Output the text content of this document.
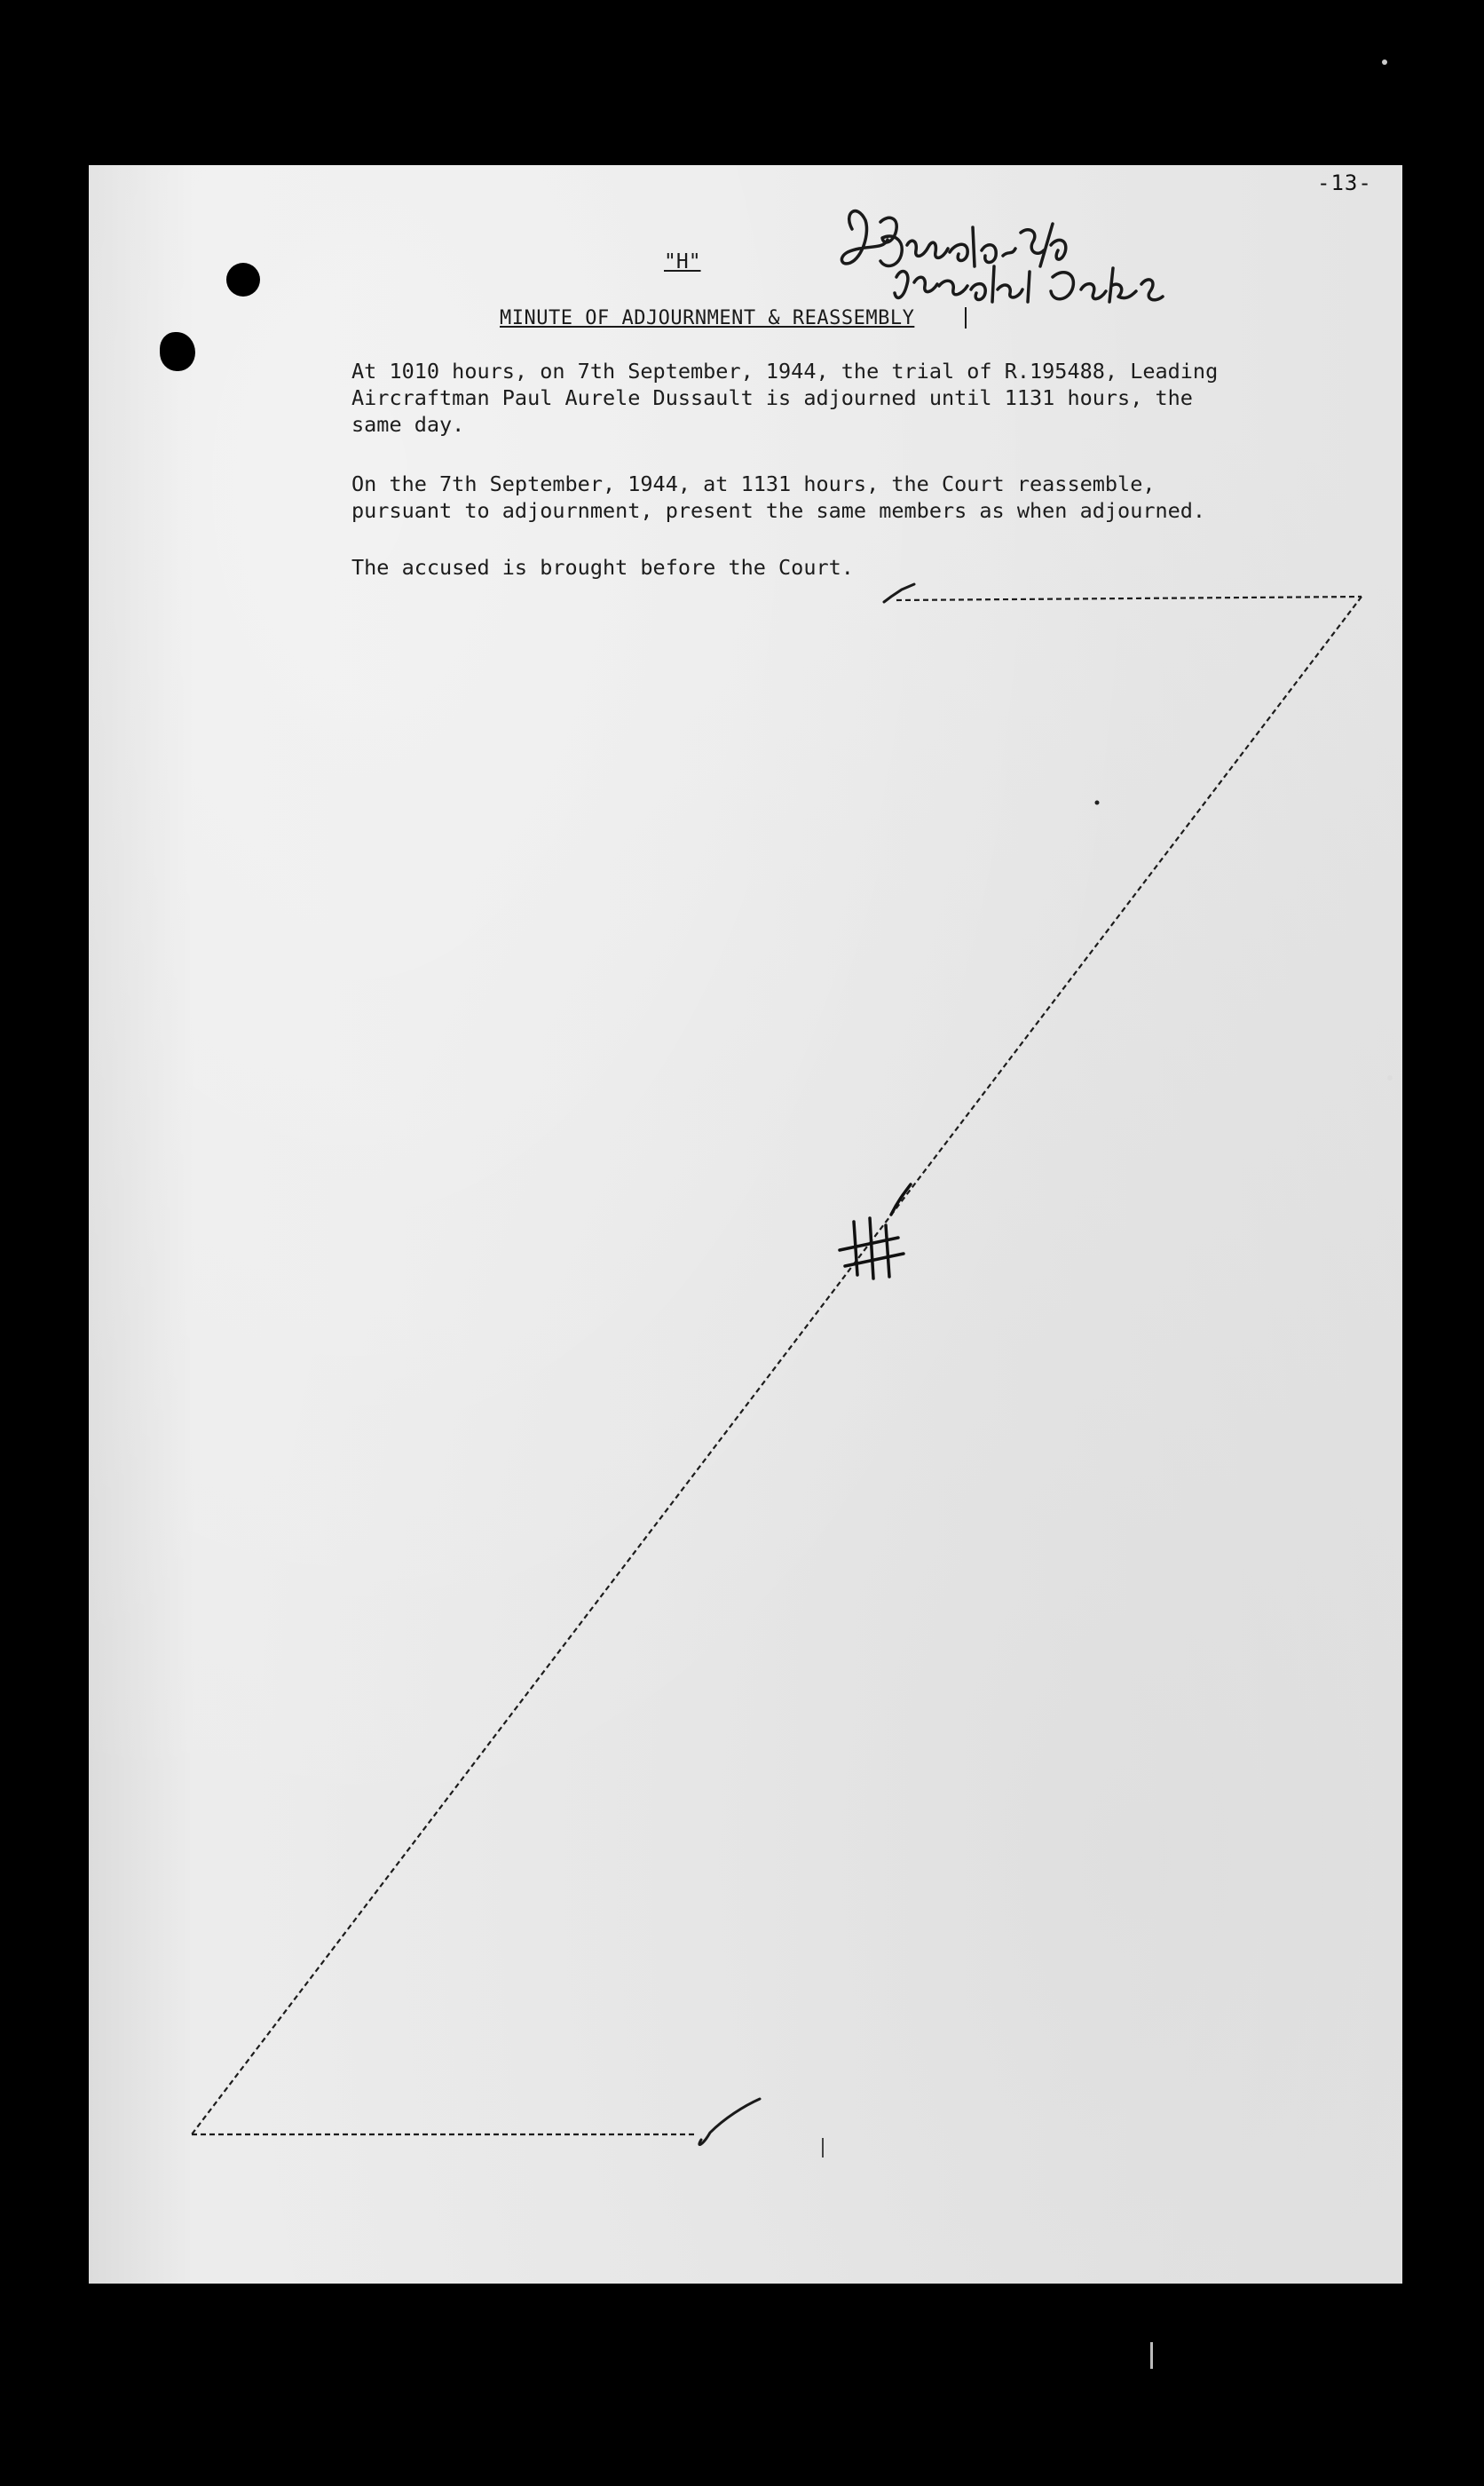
-13-
"H"
MINUTE OF ADJOURNMENT & REASSEMBLY

At 1010 hours, on 7th September, 1944, the trial of R.195488, Leading
Aircraftman Paul Aurele Dussault is adjourned until 1131 hours, the
same day.

On the 7th September, 1944, at 1131 hours, the Court reassemble,
pursuant to adjournment, present the same members as when adjourned.

The accused is brought before the Court.
